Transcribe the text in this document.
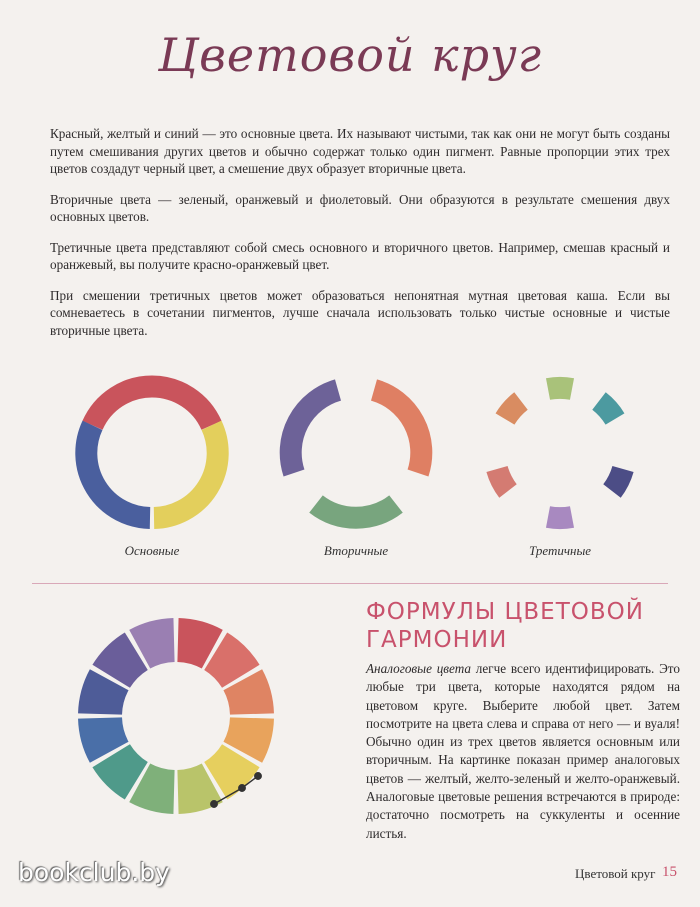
Цветовой круг

Красный, желтый и синий — это основные цвета. Их называют чистыми, так как они не могут быть созданы путем смешивания других цветов и обычно содержат только один пигмент. Равные пропорции этих трех цветов создадут черный цвет, а смешение двух образует вторичные цвета.

Вторичные цвета — зеленый, оранжевый и фиолетовый. Они образуются в результате смешения двух основных цветов.

Третичные цвета представляют собой смесь основного и вторичного цветов. Например, смешав красный и оранжевый, вы получите красно-оранжевый цвет.

При смешении третичных цветов может образоваться непонятная мутная цветовая каша. Если вы сомневаетесь в сочетании пигментов, лучше сначала использовать только чистые основные и чистые вторичные цвета.

Основные	Вторичные	Третичные
ФОРМУЛЫ ЦВЕТОВОЙ
ГАРМОНИИ
Аналоговые цвета легче всего идентифицировать. Это любые три цвета, которые находятся рядом на цветовом круге. Выберите любой цвет. Затем посмотрите на цвета слева и справа от него — и вуаля! Обычно один из трех цветов является основным или вторичным. На картинке показан пример аналоговых цветов — желтый, желто-зеленый и желто-оранжевый. Аналоговые цветовые решения встречаются в природе: достаточно посмотреть на суккуленты и осенние листья.
Цветовой круг 15
bookclub.by
